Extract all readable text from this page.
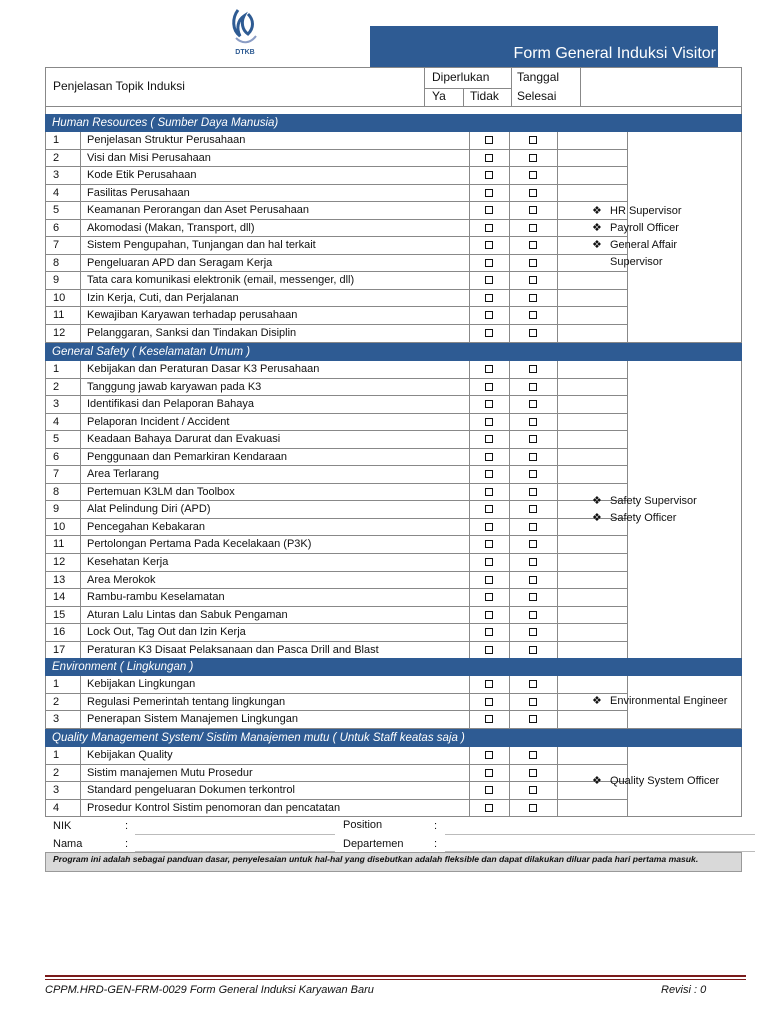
DTKB	Form General Induksi Visitor
Penjelasan Topik Induksi
Diperlukan
Ya Tidak
Tanggal
Selesai
Human Resources ( Sumber Daya Manusia)
1	Penjelasan Struktur Perusahaan
2	Visi dan Misi Perusahaan
3	Kode Etik Perusahaan
4	Fasilitas Perusahaan
5	Keamanan Perorangan dan Aset Perusahaan
6	Akomodasi (Makan, Transport, dll)
7	Sistem Pengupahan, Tunjangan dan hal terkait
8	Pengeluaran APD dan Seragam Kerja
9	Tata cara komunikasi elektronik (email, messenger, dll)
10	Izin Kerja, Cuti, dan Perjalanan
11	Kewajiban Karyawan terhadap perusahaan
12	Pelanggaran, Sanksi dan Tindakan Disiplin
❖ HR Supervisor
❖ Payroll Officer
❖ General Affair
Supervisor
General Safety ( Keselamatan Umum )
1	Kebijakan dan Peraturan Dasar K3 Perusahaan
2	Tanggung jawab karyawan pada K3
3	Identifikasi dan Pelaporan Bahaya
4	Pelaporan Incident / Accident
5	Keadaan Bahaya Darurat dan Evakuasi
6	Penggunaan dan Pemarkiran Kendaraan
7	Area Terlarang
8	Pertemuan K3LM dan Toolbox
9	Alat Pelindung Diri (APD)
10	Pencegahan Kebakaran
11	Pertolongan Pertama Pada Kecelakaan (P3K)
12	Kesehatan Kerja
13	Area Merokok
14	Rambu-rambu Keselamatan
15	Aturan Lalu Lintas dan Sabuk Pengaman
16	Lock Out, Tag Out dan Izin Kerja
17	Peraturan K3 Disaat Pelaksanaan dan Pasca Drill and Blast
❖ Safety Supervisor
❖ Safety Officer
Environment ( Lingkungan )
1	Kebijakan Lingkungan
2	Regulasi Pemerintah tentang lingkungan
3	Penerapan Sistem Manajemen Lingkungan
❖ Environmental Engineer
Quality Management System/ Sistim Manajemen mutu ( Untuk Staff keatas saja )
1	Kebijakan Quality
2	Sistim manajemen Mutu Prosedur
3	Standard pengeluaran Dokumen terkontrol
4	Prosedur Kontrol Sistim penomoran dan pencatatan
❖ Quality System Officer
NIK	:	Position	:
Nama	:	Departemen	:
Program ini adalah sebagai panduan dasar, penyelesaian untuk hal-hal yang disebutkan adalah fleksible dan dapat dilakukan diluar pada hari pertama masuk.
CPPM.HRD-GEN-FRM-0029 Form General Induksi Karyawan Baru	Revisi : 0
